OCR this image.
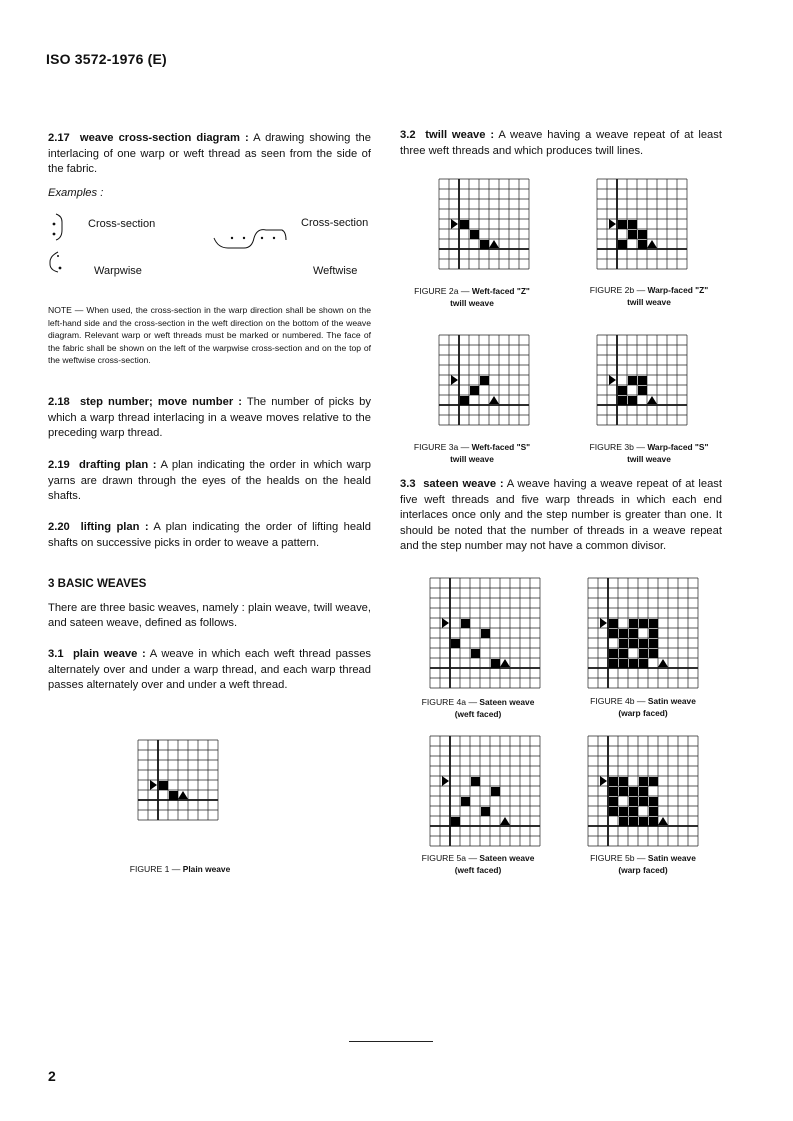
ISO 3572-1976 (E)

2.17 weave cross-section diagram : A drawing showing the interlacing of one warp or weft thread as seen from the side of the fabric.

Examples :

Cross-section	Cross-section
Warpwise	Weftwise
NOTE — When used, the cross-section in the warp direction shall be shown on the left-hand side and the cross-section in the weft direction on the bottom of the weave diagram. Relevant warp or weft threads must be marked or numbered. The face of the fabric shall be shown on the left of the warpwise cross-section and on the top of the weftwise cross-section.

2.18 step number; move number : The number of picks by which a warp thread interlacing in a weave moves relative to the preceding warp thread.

2.19 drafting plan : A plan indicating the order in which warp yarns are drawn through the eyes of the healds on the heald shafts.

2.20 lifting plan : A plan indicating the order of lifting heald shafts on successive picks in order to weave a pattern.

3 BASIC WEAVES

There are three basic weaves, namely : plain weave, twill weave, and sateen weave, defined as follows.

3.1 plain weave : A weave in which each weft thread passes alternately over and under a warp thread, and each warp thread passes alternately over and under a weft thread.

FIGURE 1 — Plain weave

3.2 twill weave : A weave having a weave repeat of at least three weft threads and which produces twill lines.

FIGURE 2a — Weft-faced "Z"
twill weave
FIGURE 2b — Warp-faced "Z"
twill weave
FIGURE 3a — Weft-faced "S"
twill weave
FIGURE 3b — Warp-faced "S"
twill weave

3.3 sateen weave : A weave having a weave repeat of at least five weft threads and five warp threads in which each end interlaces once only and the step number is greater than one. It should be noted that the number of threads in a weave repeat and the step number may not have a common divisor.

FIGURE 4a — Sateen weave
(weft faced)
FIGURE 4b — Satin weave
(warp faced)
FIGURE 5a — Sateen weave
(weft faced)
FIGURE 5b — Satin weave
(warp faced)
2
